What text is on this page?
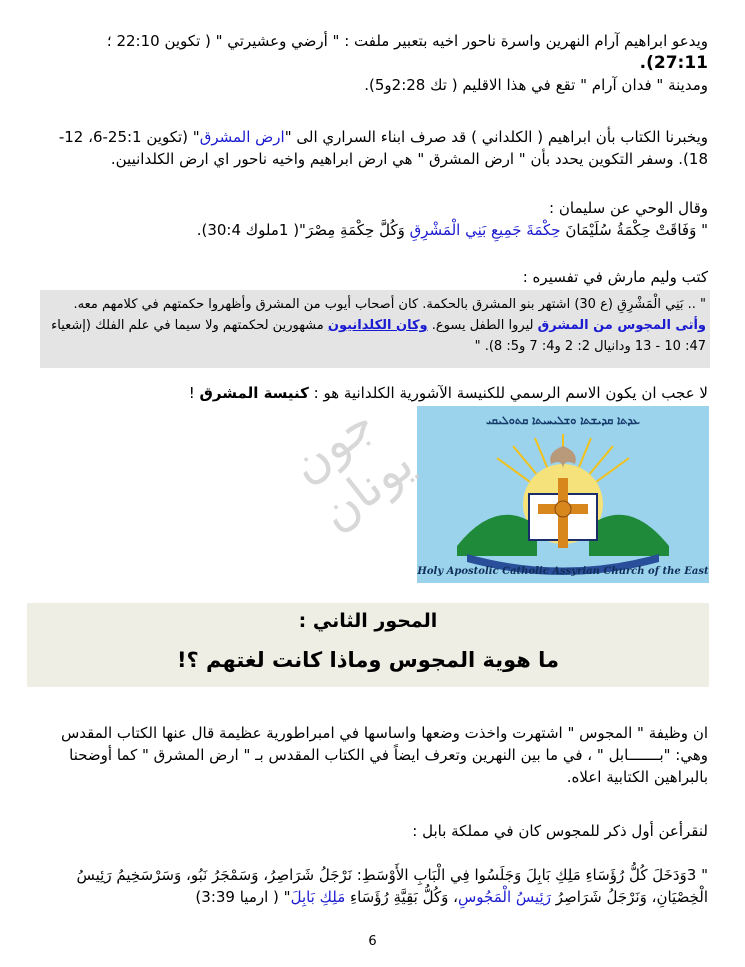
ويدعو ابراهيم آرام النهرين واسرة ناحور اخيه بتعبير ملفت : " أرضي وعشيرتي " ( تكوين 22:10 ؛
27:11).
ومدينة " فدان آرام " تقع في هذا الاقليم ( تك 2:28و5).
ويخبرنا الكتاب بأن ابراهيم ( الكلداني ) قد صرف ابناء السراري الى "ارض المشرق" (تكوين 25:1-6، 12-18). وسفر التكوين يحدد بأن " ارض المشرق " هي ارض ابراهيم واخيه ناحور اي ارض الكلدانيين.
وقال الوحي عن سليمان :
" وَفَاقَتْ حِكْمَةُ سُلَيْمَانَ حِكْمَةَ جَمِيعِ بَنِي الْمَشْرِقِ وَكُلَّ حِكْمَةِ مِصْرَ"( 1ملوك 30:4).
كتب وليم مارش في تفسيره :
" .. بَنِي الْمَشْرِقِ (ع 30) اشتهر بنو المشرق بالحكمة. كان أصحاب أيوب من المشرق وأظهروا حكمتهم في كلامهم معه. وأتى المجوس من المشرق ليروا الطفل يسوع. وكان الكلدانيون مشهورين لحكمتهم ولا سيما في علم الفلك (إشعياء 47: 10 - 13 ودانيال 2: 2 و4: 7 و5: 8). "
لا عجب ان يكون الاسم الرسمي للكنيسة الآشورية الكلدانية هو : كنيسة المشرق !
ܥܕܬܐ ܩܕܝܫܬܐ ܘܫܠܝܚܝܬܐ ܩܬܘܠܝܩܝ
Holy Apostolic Catholic Assyrian Church of the East
جون يونان
المحور الثاني :
ما هوية المجوس وماذا كانت لغتهم ؟!
ان وظيفة " المجوس " اشتهرت واخذت وضعها واساسها في امبراطورية عظيمة قال عنها الكتاب المقدس وهي: "بـــــــابل " ، في ما بين النهرين وتعرف ايضاً في الكتاب المقدس بـ " ارض المشرق " كما أوضحنا بالبراهين الكتابية اعلاه.
لنقرأعن أول ذكر للمجوس كان في مملكة بابل :
" 3وَدَخَلَ كُلُّ رُؤَسَاءِ مَلِكِ بَابِلَ وَجَلَسُوا فِي الْبَابِ الأَوْسَطِ: نَرْجَلُ شَرَاصِرُ، وَسَمْجَرُ نَبُو، وَسَرْسَخِيمُ رَئِيسُ الْخِصْيَانِ، وَنَرْجَلُ شَرَاصِرُ رَئِيسُ الْمَجُوسِ، وَكُلُّ بَقِيَّةِ رُؤَسَاءِ مَلِكِ بَابِلَ" ( ارميا 3:39)
6
